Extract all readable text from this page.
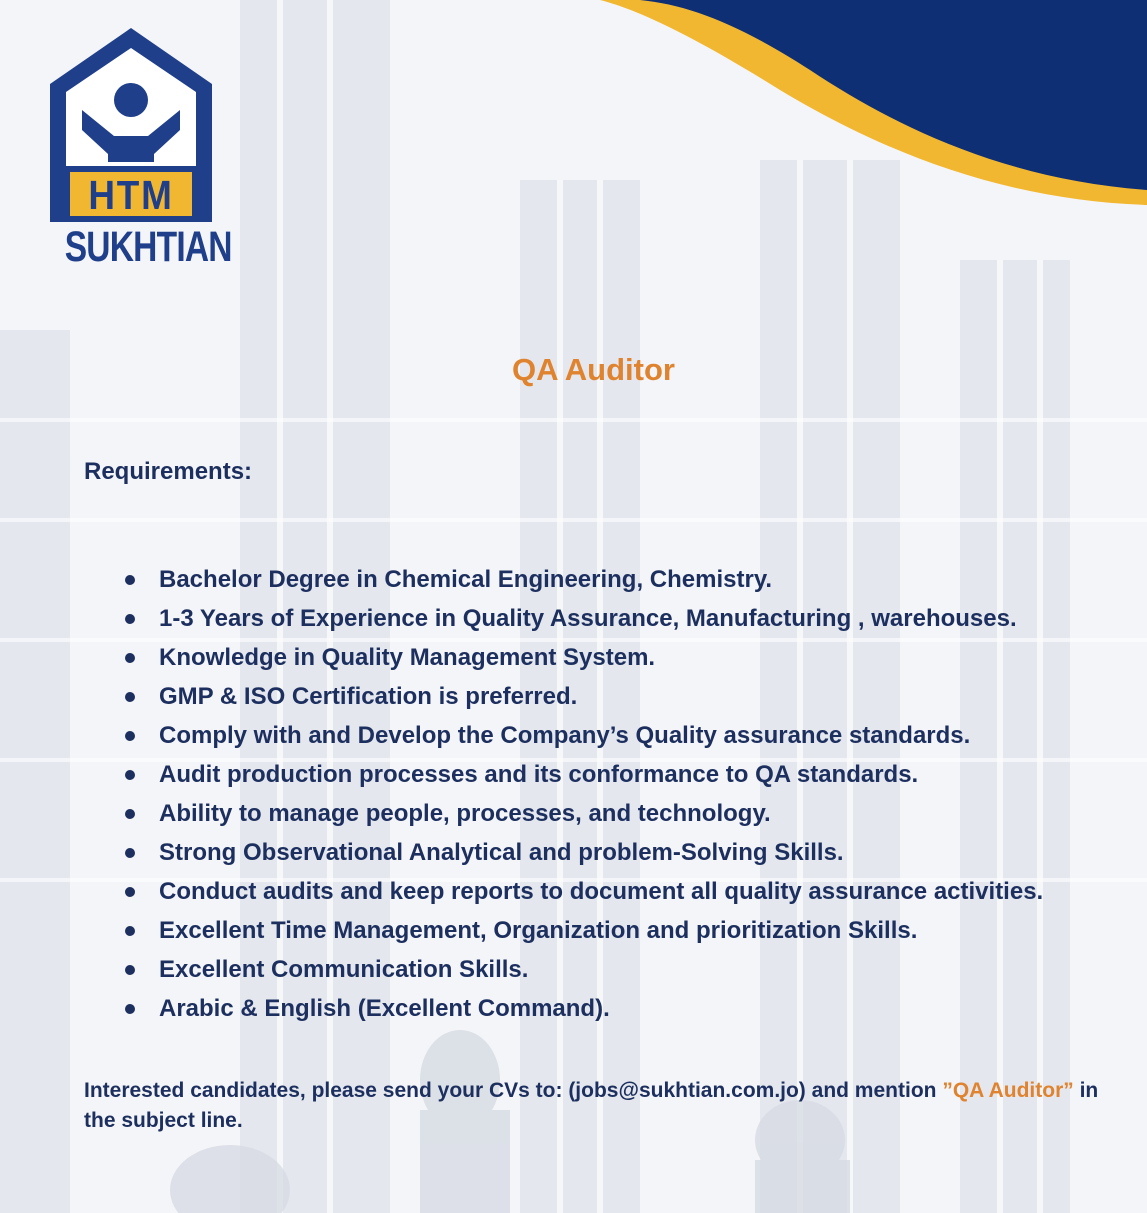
HTM
SUKHTIAN
QA Auditor
Requirements:
Bachelor Degree in Chemical Engineering, Chemistry.
1-3 Years of Experience in Quality Assurance, Manufacturing , warehouses.
Knowledge in Quality Management System.
GMP & ISO Certification is preferred.
Comply with and Develop the Company’s Quality assurance standards.
Audit production processes and its conformance to QA standards.
Ability to manage people, processes, and technology.
Strong Observational Analytical and problem-Solving Skills.
Conduct audits and keep reports to document all quality assurance activities.
Excellent Time Management, Organization and prioritization Skills.
Excellent Communication Skills.
Arabic & English (Excellent Command).
Interested candidates, please send your CVs to: (jobs@sukhtian.com.jo) and mention ”QA Auditor” in the subject line.
